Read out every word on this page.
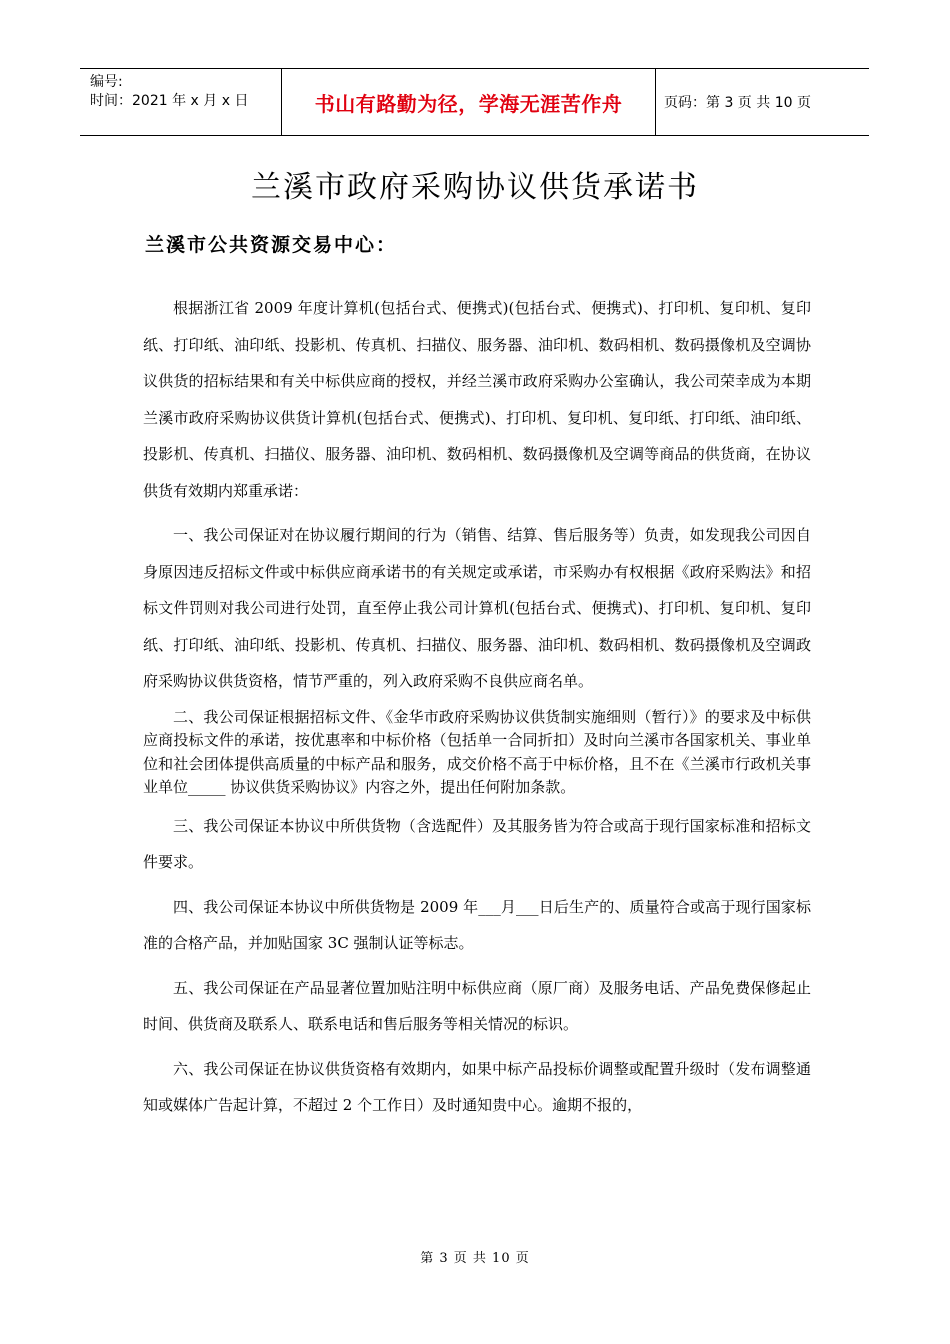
编号:
时间：2021 年 x 月 x 日	书山有路勤为径，学海无涯苦作舟	页码：第 3 页 共 10 页
兰溪市政府采购协议供货承诺书
兰溪市公共资源交易中心：

根据浙江省 2009 年度计算机(包括台式、便携式)(包括台式、便携式)、打印机、复印机、复印纸、打印纸、油印纸、投影机、传真机、扫描仪、服务器、油印机、数码相机、数码摄像机及空调协议供货的招标结果和有关中标供应商的授权，并经兰溪市政府采购办公室确认，我公司荣幸成为本期兰溪市政府采购协议供货计算机(包括台式、便携式)、打印机、复印机、复印纸、打印纸、油印纸、投影机、传真机、扫描仪、服务器、油印机、数码相机、数码摄像机及空调等商品的供货商，在协议供货有效期内郑重承诺：

一、我公司保证对在协议履行期间的行为（销售、结算、售后服务等）负责，如发现我公司因自身原因违反招标文件或中标供应商承诺书的有关规定或承诺，市采购办有权根据《政府采购法》和招标文件罚则对我公司进行处罚，直至停止我公司计算机(包括台式、便携式)、打印机、复印机、复印纸、打印纸、油印纸、投影机、传真机、扫描仪、服务器、油印机、数码相机、数码摄像机及空调政府采购协议供货资格，情节严重的，列入政府采购不良供应商名单。

二、我公司保证根据招标文件、《金华市政府采购协议供货制实施细则（暂行）》的要求及中标供应商投标文件的承诺，按优惠率和中标价格（包括单一合同折扣）及时向兰溪市各国家机关、事业单位和社会团体提供高质量的中标产品和服务，成交价格不高于中标价格，且不在《兰溪市行政机关事业单位_____ 协议供货采购协议》内容之外，提出任何附加条款。

三、我公司保证本协议中所供货物（含选配件）及其服务皆为符合或高于现行国家标准和招标文件要求。

四、我公司保证本协议中所供货物是 2009 年___月___日后生产的、质量符合或高于现行国家标准的合格产品，并加贴国家 3C 强制认证等标志。

五、我公司保证在产品显著位置加贴注明中标供应商（原厂商）及服务电话、产品免费保修起止时间、供货商及联系人、联系电话和售后服务等相关情况的标识。

六、我公司保证在协议供货资格有效期内，如果中标产品投标价调整或配置升级时（发布调整通知或媒体广告起计算，不超过 2 个工作日）及时通知贵中心。逾期不报的，

第 3 页 共 10 页
